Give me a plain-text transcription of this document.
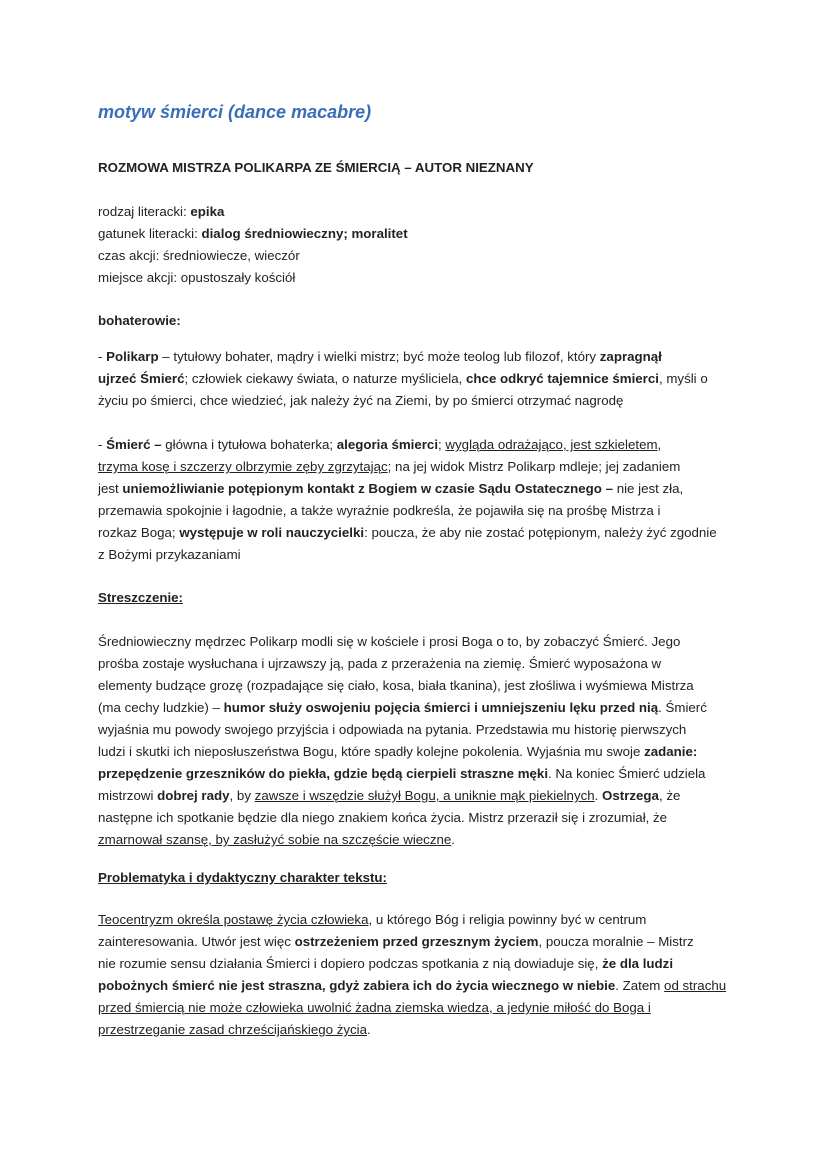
motyw śmierci (dance macabre)
ROZMOWA MISTRZA POLIKARPA ZE ŚMIERCIĄ – AUTOR NIEZNANY
rodzaj literacki: epika
gatunek literacki: dialog średniowieczny; moralitet
czas akcji: średniowiecze, wieczór
miejsce akcji: opustoszały kościół
bohaterowie:
- Polikarp – tytułowy bohater, mądry i wielki mistrz; być może teolog lub filozof, który zapragnął
ujrzeć Śmierć; człowiek ciekawy świata, o naturze myśliciela, chce odkryć tajemnice śmierci, myśli o
życiu po śmierci, chce wiedzieć, jak należy żyć na Ziemi, by po śmierci otrzymać nagrodę
- Śmierć – główna i tytułowa bohaterka; alegoria śmierci; wygląda odrażająco, jest szkieletem,
trzyma kosę i szczerzy olbrzymie zęby zgrzytając; na jej widok Mistrz Polikarp mdleje; jej zadaniem
jest uniemożliwianie potępionym kontakt z Bogiem w czasie Sądu Ostatecznego – nie jest zła,
przemawia spokojnie i łagodnie, a także wyraźnie podkreśla, że pojawiła się na prośbę Mistrza i
rozkaz Boga; występuje w roli nauczycielki: poucza, że aby nie zostać potępionym, należy żyć zgodnie
z Bożymi przykazaniami
Streszczenie:
Średniowieczny mędrzec Polikarp modli się w kościele i prosi Boga o to, by zobaczyć Śmierć. Jego
prośba zostaje wysłuchana i ujrzawszy ją, pada z przerażenia na ziemię. Śmierć wyposażona w
elementy budzące grozę (rozpadające się ciało, kosa, biała tkanina), jest złośliwa i wyśmiewa Mistrza
(ma cechy ludzkie) – humor służy oswojeniu pojęcia śmierci i umniejszeniu lęku przed nią. Śmierć
wyjaśnia mu powody swojego przyjścia i odpowiada na pytania. Przedstawia mu historię pierwszych
ludzi i skutki ich nieposłuszeństwa Bogu, które spadły kolejne pokolenia. Wyjaśnia mu swoje zadanie:
przepędzenie grzeszników do piekła, gdzie będą cierpieli straszne męki. Na koniec Śmierć udziela
mistrzowi dobrej rady, by zawsze i wszędzie służył Bogu, a uniknie mąk piekielnych. Ostrzega, że
następne ich spotkanie będzie dla niego znakiem końca życia. Mistrz przeraził się i zrozumiał, że
zmarnował szansę, by zasłużyć sobie na szczęście wieczne.
Problematyka i dydaktyczny charakter tekstu:
Teocentryzm określa postawę życia człowieka, u którego Bóg i religia powinny być w centrum
zainteresowania. Utwór jest więc ostrzeżeniem przed grzesznym życiem, poucza moralnie – Mistrz
nie rozumie sensu działania Śmierci i dopiero podczas spotkania z nią dowiaduje się, że dla ludzi
pobożnych śmierć nie jest straszna, gdyż zabiera ich do życia wiecznego w niebie. Zatem od strachu
przed śmiercią nie może człowieka uwolnić żadna ziemska wiedza, a jedynie miłość do Boga i
przestrzeganie zasad chrześcijańskiego życia.
